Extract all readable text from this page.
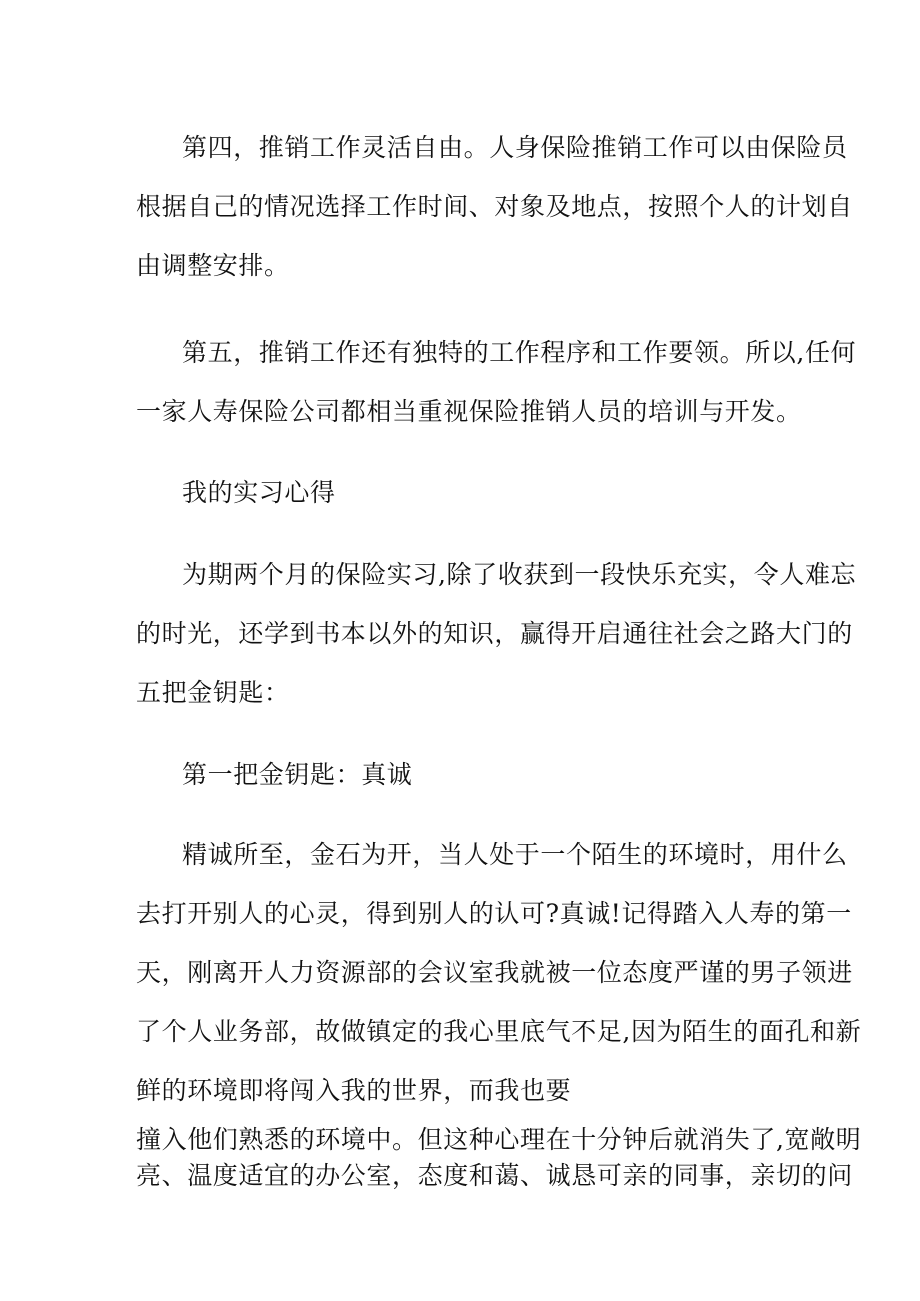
第四，推销工作灵活自由。人身保险推销工作可以由保险员
根据自己的情况选择工作时间、对象及地点，按照个人的计划自
由调整安排。
第五，推销工作还有独特的工作程序和工作要领。所以,任何
一家人寿保险公司都相当重视保险推销人员的培训与开发。
我的实习心得
为期两个月的保险实习,除了收获到一段快乐充实，令人难忘
的时光，还学到书本以外的知识，赢得开启通往社会之路大门的
五把金钥匙：
第一把金钥匙：真诚
精诚所至，金石为开，当人处于一个陌生的环境时，用什么
去打开别人的心灵，得到别人的认可?真诚!记得踏入人寿的第一
天，刚离开人力资源部的会议室我就被一位态度严谨的男子领进
了个人业务部，故做镇定的我心里底气不足,因为陌生的面孔和新
鲜的环境即将闯入我的世界，而我也要
撞入他们熟悉的环境中。但这种心理在十分钟后就消失了,宽敞明
亮、温度适宜的办公室，态度和蔼、诚恳可亲的同事，亲切的问
